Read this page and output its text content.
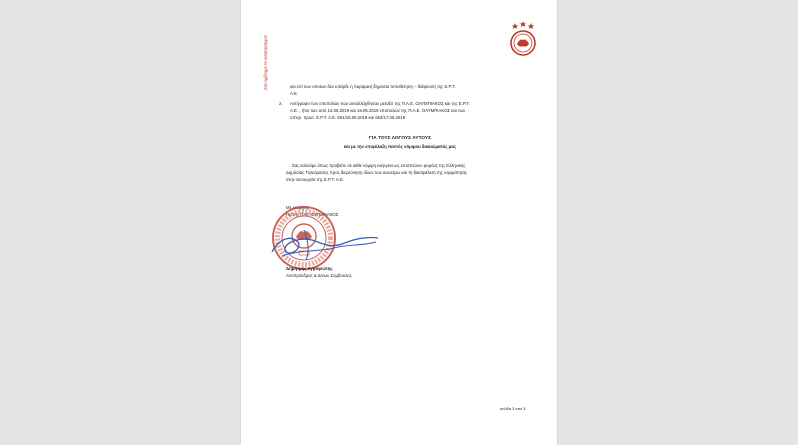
Σαν έμβλημα τα αναστρέψιμο!	και επί των οποίων δεν υπάρξε η παραμική δημόσια τοποθέτηση – διάψευση της Ε.Ρ.Τ.
Α.Ε.
2. Αντίγραφο των επιστολών που ανταλλάχθησαν μεταξύ της Π.Α.Ε. ΟΛΥΜΠΙΑΚΟΣ και της Ε.Ρ.Τ.
Α.Ε. , ήτοι των από 14.06.2019 και 16.06.2019 επιστολών της Π.Α.Ε. ΟΛΥΜΠΙΑΚΟΣ και των
υπ'αρ. πρωτ. Ε.Ρ.Τ. Α.Ε. 661/15.06.2019 και 663/17.06.2019
ΓΙΑ ΤΟΥΣ ΛΟΓΟΥΣ ΑΥΤΟΥΣ
και με την επιφύλαξη παντός νόμιμου δικαιώματός μας
Σας καλούμε όπως προβείτε σε κάθε νόμιμη ενέργεια ως εποπτεύων φορέας της Ελληνικής
Δημόσιας Τηλεόρασης προς διερεύνηση όλων των ανωτέρω και τη διασφάλιση της νομιμότητας
στην λειτουργία της Ε.Ρ.Τ. Α.Ε.
Με εκτίμηση
Για την ΠΑΕ ΟΛΥΜΠΙΑΚΟΣ
Δημήτρης Αγραφιώτης
Αντιπρόεδρος & Δ/νων Σύμβουλος
σελίδα 3 από 3
